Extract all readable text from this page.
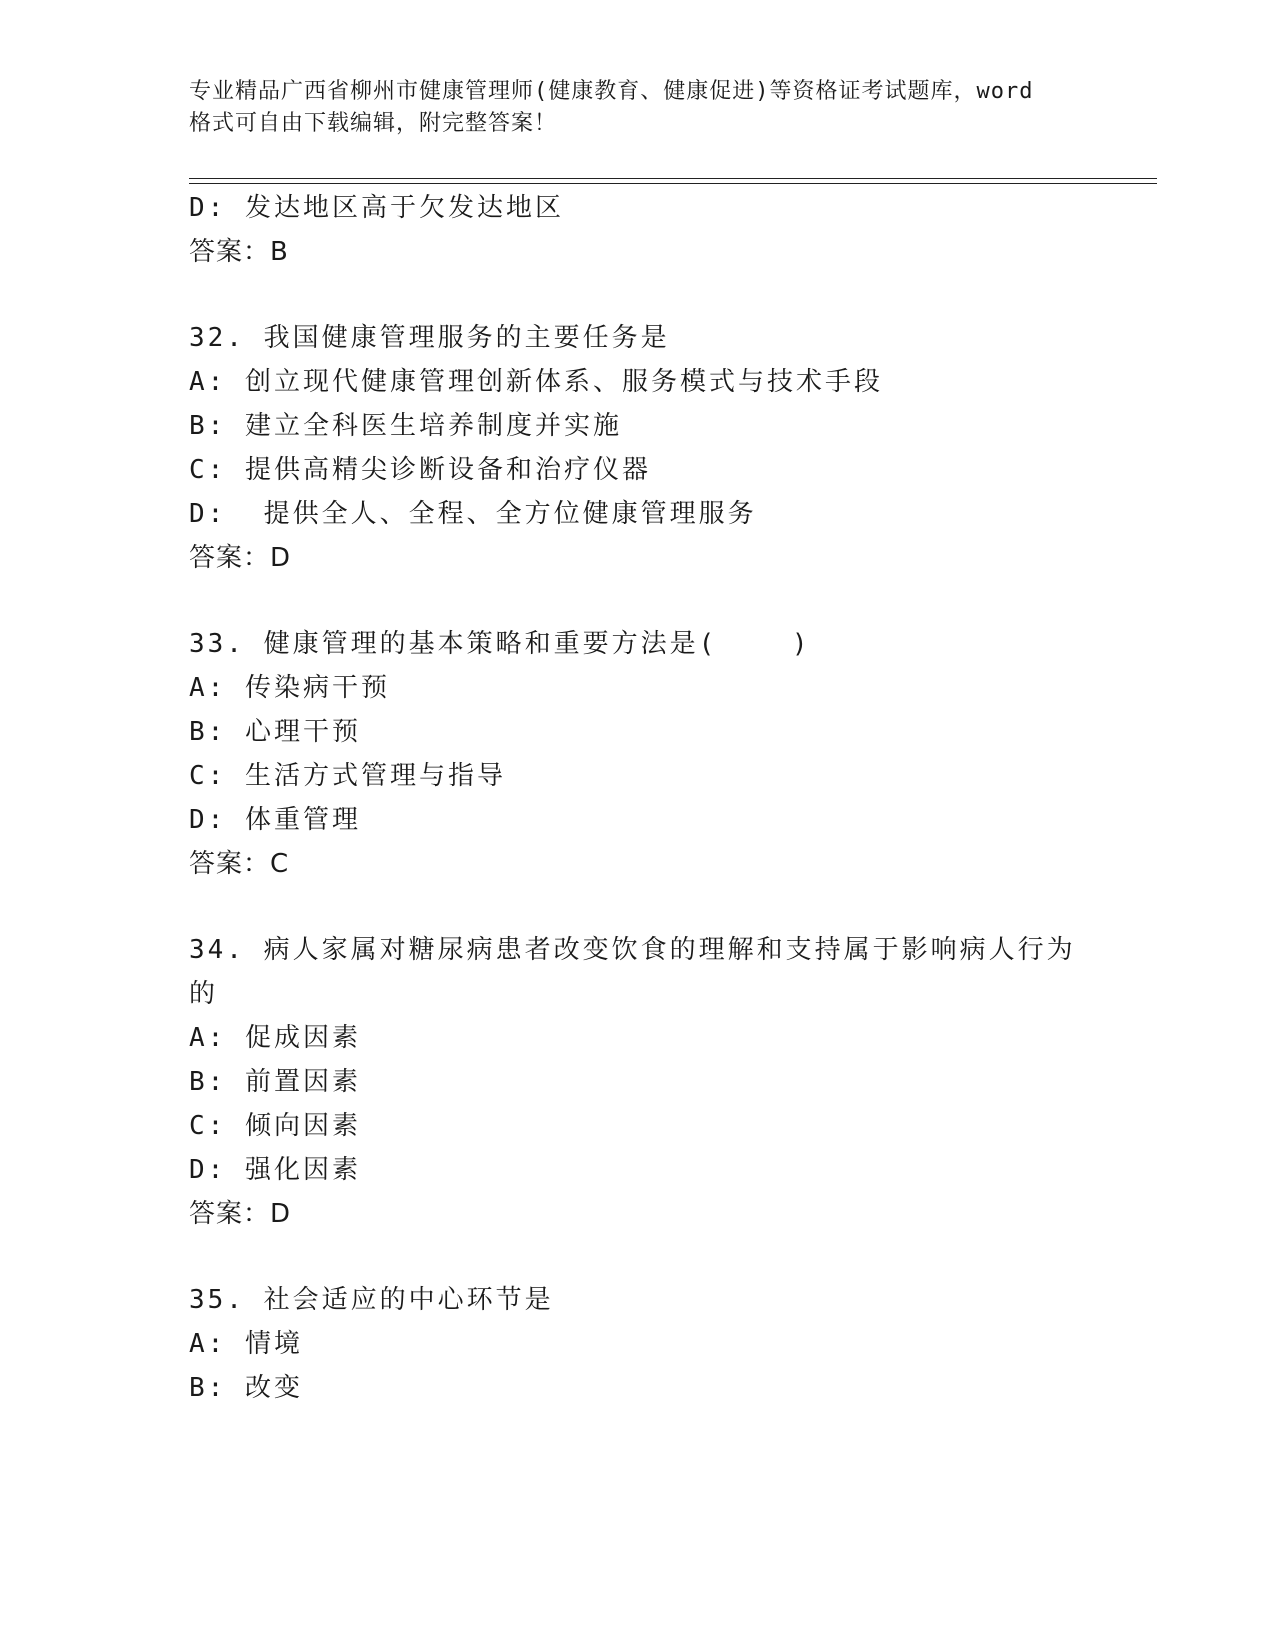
专业精品广西省柳州市健康管理师(健康教育、健康促进)等资格证考试题库，word
格式可自由下载编辑，附完整答案！
D: 发达地区高于欠发达地区
答案：B
32. 我国健康管理服务的主要任务是
A: 创立现代健康管理创新体系、服务模式与技术手段
B: 建立全科医生培养制度并实施
C: 提供高精尖诊断设备和治疗仪器
D:  提供全人、全程、全方位健康管理服务
答案：D
33. 健康管理的基本策略和重要方法是(    )
A: 传染病干预
B: 心理干预
C: 生活方式管理与指导
D: 体重管理
答案：C
34. 病人家属对糖尿病患者改变饮食的理解和支持属于影响病人行为
的
A: 促成因素
B: 前置因素
C: 倾向因素
D: 强化因素
答案：D
35. 社会适应的中心环节是
A: 情境
B: 改变
